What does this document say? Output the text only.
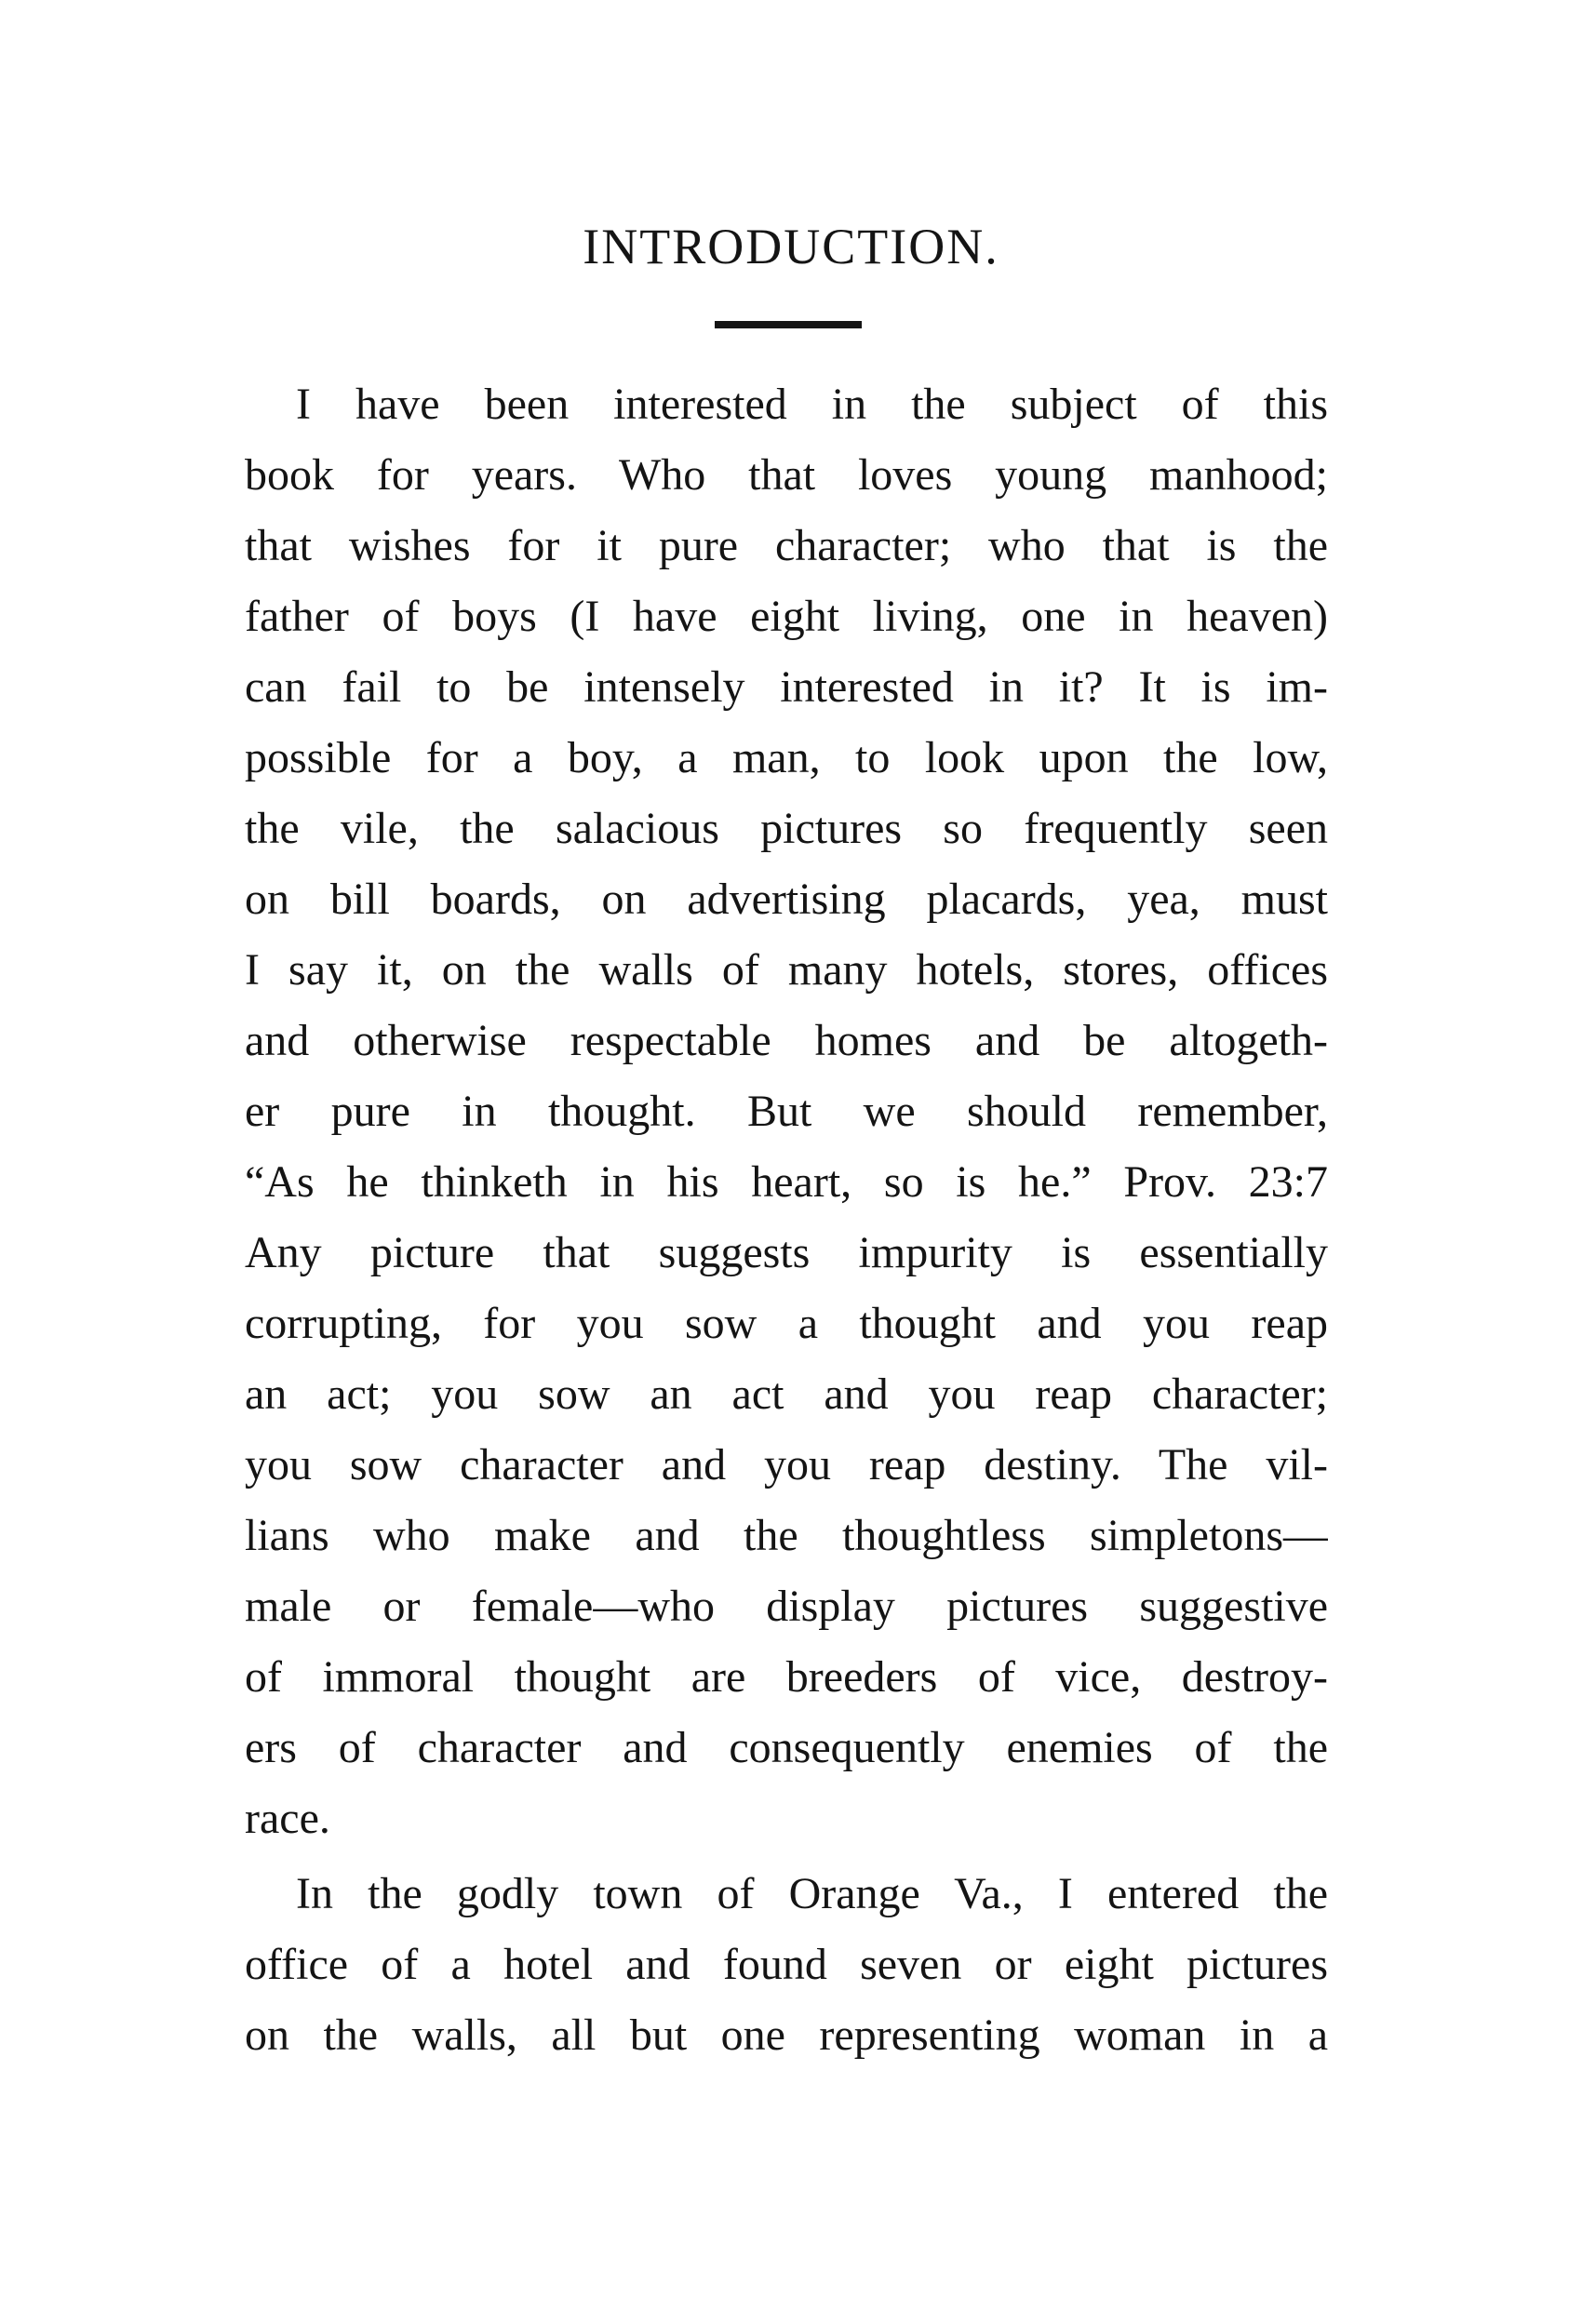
INTRODUCTION.
I have been interested in the subject of this
book for years. Who that loves young manhood;
that wishes for it pure character; who that is the
father of boys (I have eight living, one in heaven)
can fail to be intensely interested in it? It is im-
possible for a boy, a man, to look upon the low,
the vile, the salacious pictures so frequently seen
on bill boards, on advertising placards, yea, must
I say it, on the walls of many hotels, stores, offices
and otherwise respectable homes and be altogeth-
er pure in thought. But we should remember,
“As he thinketh in his heart, so is he.” Prov. 23:7
Any picture that suggests impurity is essentially
corrupting, for you sow a thought and you reap
an act; you sow an act and you reap character;
you sow character and you reap destiny. The vil-
lians who make and the thoughtless simpletons—
male or female—who display pictures suggestive
of immoral thought are breeders of vice, destroy-
ers of character and consequently enemies of the
race.
In the godly town of Orange Va., I entered the
office of a hotel and found seven or eight pictures
on the walls, all but one representing woman in a
